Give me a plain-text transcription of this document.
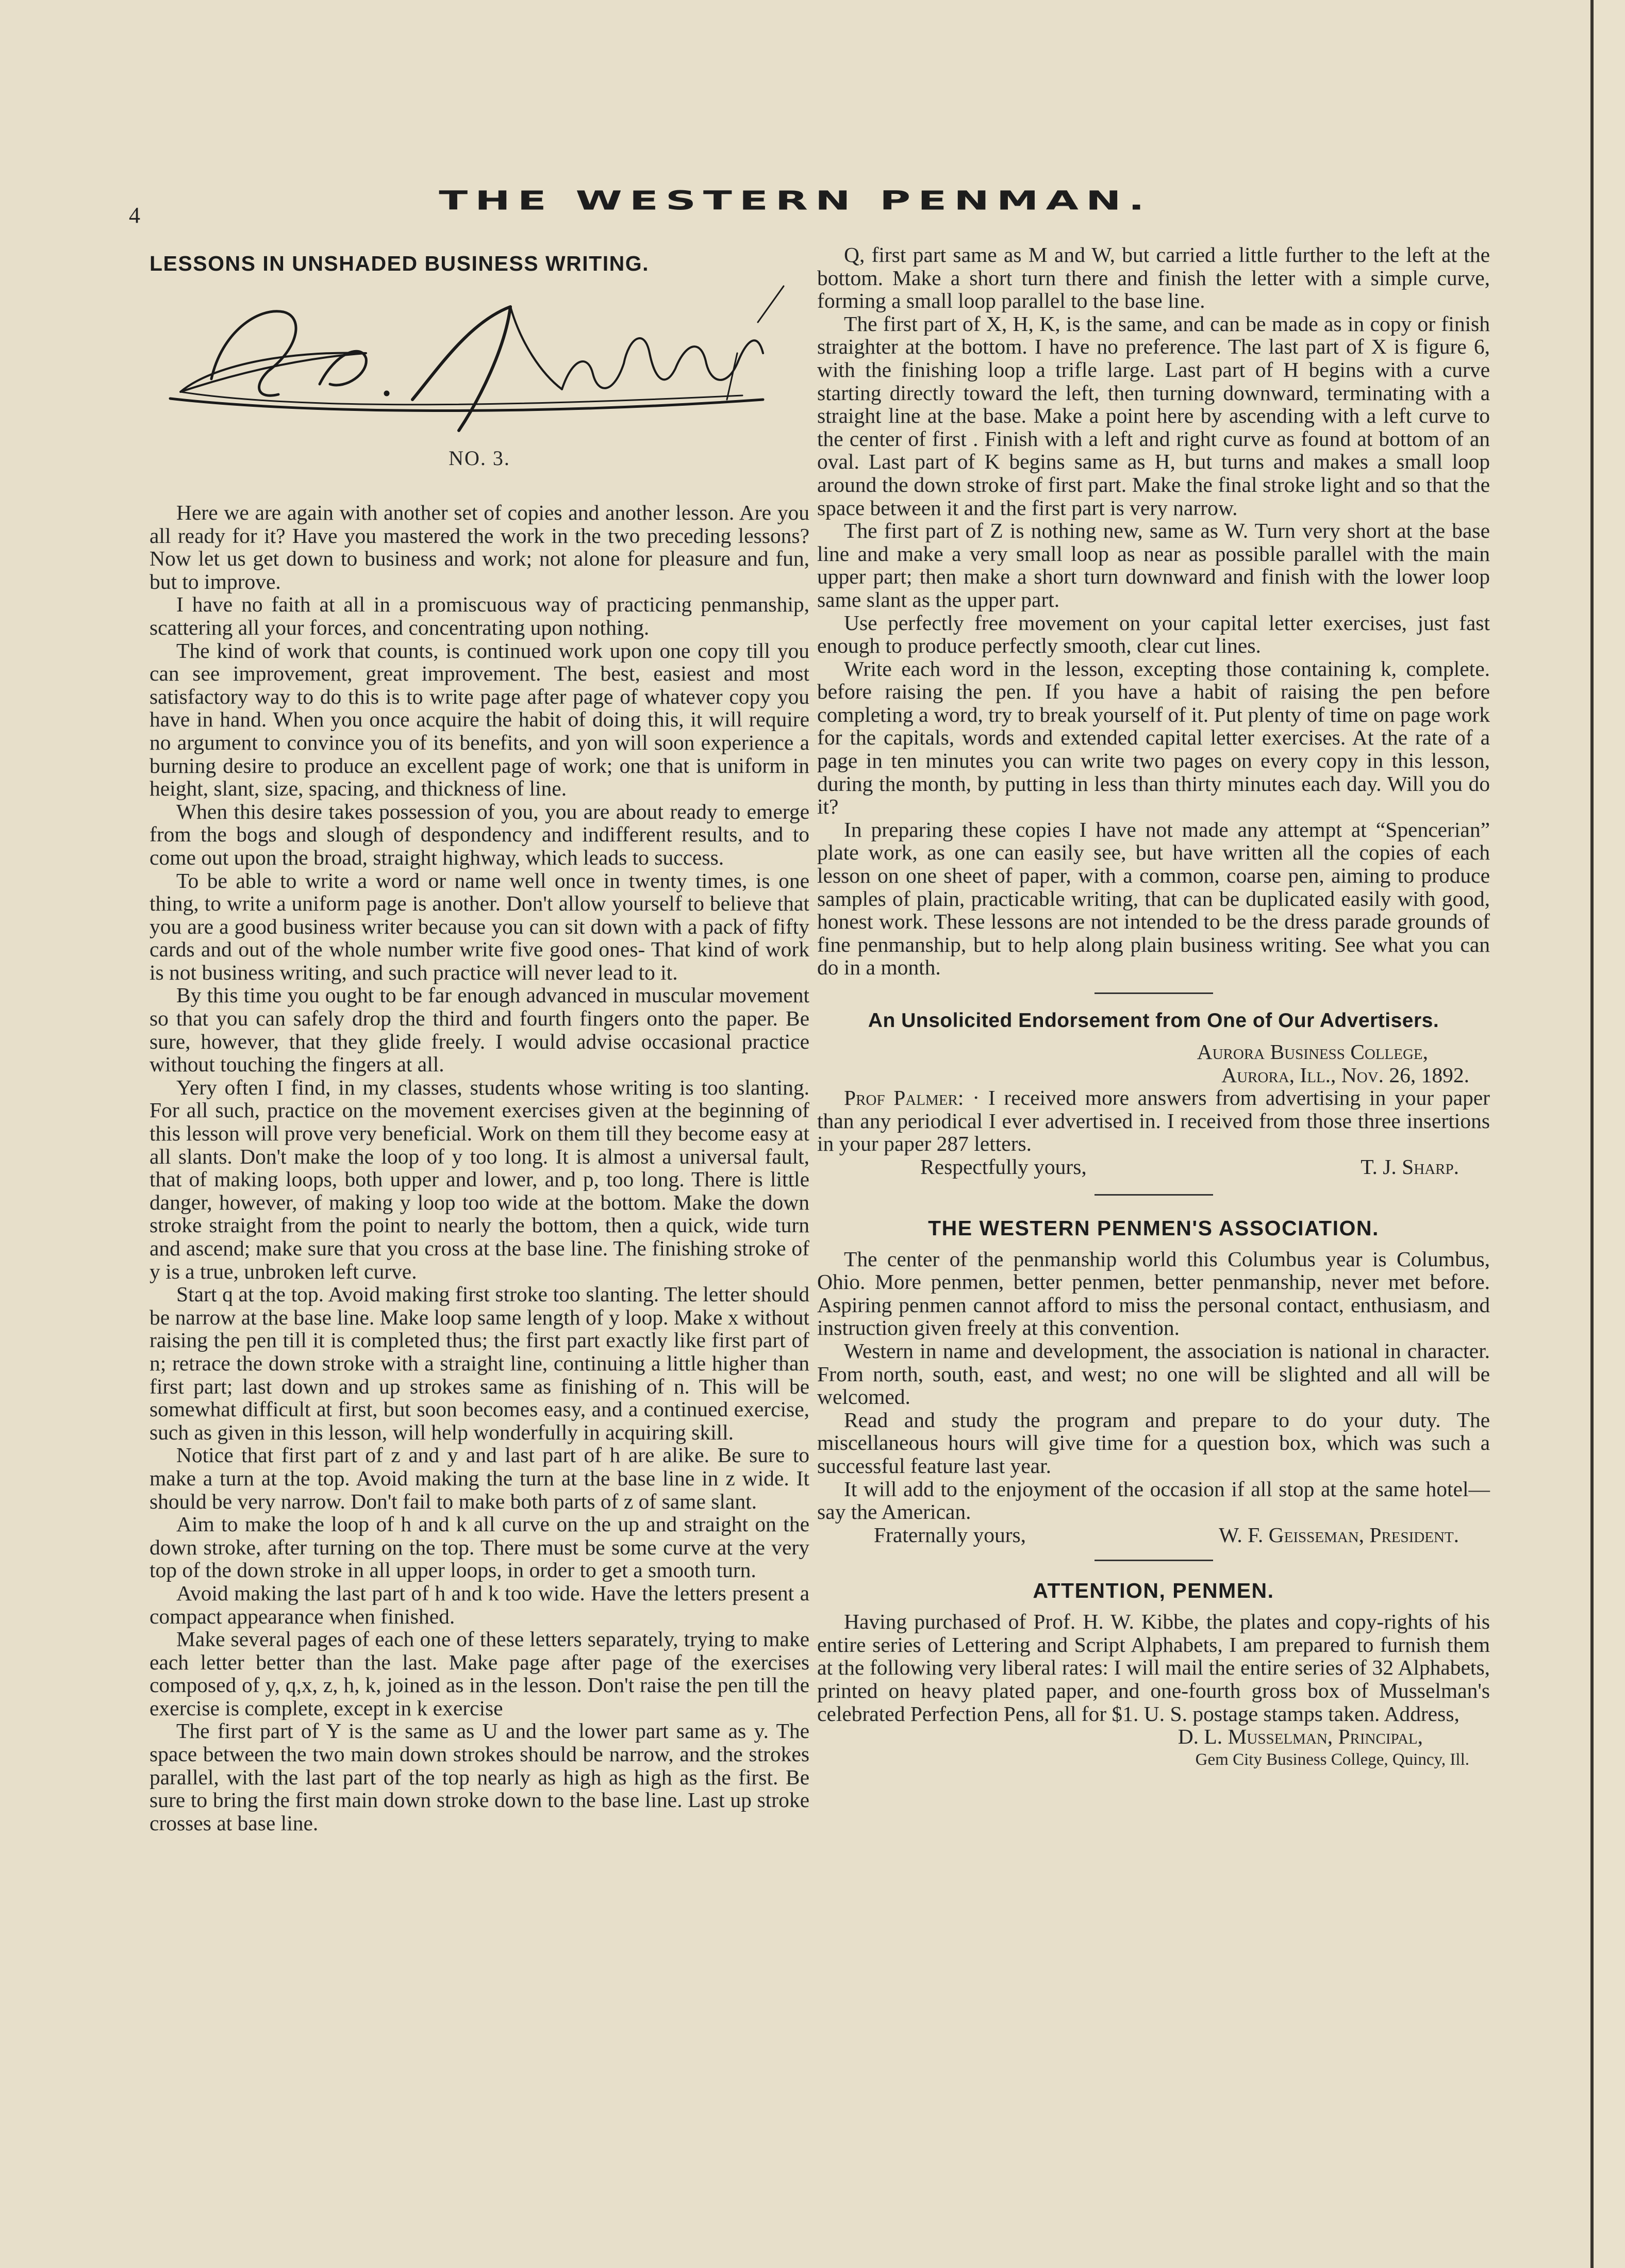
4	THE WESTERN PENMAN.

LESSONS IN UNSHADED BUSINESS WRITING.

NO. 3.

Here we are again with another set of copies and another lesson. Are you all ready for it? Have you mastered the work in the two preceding lessons? Now let us get down to business and work; not alone for pleasure and fun, but to improve.

I have no faith at all in a promiscuous way of practicing penmanship, scattering all your forces, and concentrating upon nothing.

The kind of work that counts, is continued work upon one copy till you can see improvement, great improvement. The best, easiest and most satisfactory way to do this is to write page after page of whatever copy you have in hand. When you once acquire the habit of doing this, it will require no argument to convince you of its benefits, and yon will soon experience a burning desire to produce an excellent page of work; one that is uniform in height, slant, size, spacing, and thickness of line.

When this desire takes possession of you, you are about ready to emerge from the bogs and slough of despondency and indifferent results, and to come out upon the broad, straight highway, which leads to success.

To be able to write a word or name well once in twenty times, is one thing, to write a uniform page is another. Don't allow yourself to believe that you are a good business writer because you can sit down with a pack of fifty cards and out of the whole number write five good ones- That kind of work is not business writing, and such practice will never lead to it.

By this time you ought to be far enough advanced in muscular movement so that you can safely drop the third and fourth fingers onto the paper. Be sure, however, that they glide freely. I would advise occasional practice without touching the fingers at all.

Yery often I find, in my classes, students whose writing is too slanting. For all such, practice on the movement exercises given at the beginning of this lesson will prove very beneficial. Work on them till they become easy at all slants. Don't make the loop of y too long. It is almost a universal fault, that of making loops, both upper and lower, and p, too long. There is little danger, however, of making y loop too wide at the bottom. Make the down stroke straight from the point to nearly the bottom, then a quick, wide turn and ascend; make sure that you cross at the base line. The finishing stroke of y is a true, unbroken left curve.

Start q at the top. Avoid making first stroke too slanting. The letter should be narrow at the base line. Make loop same length of y loop. Make x without raising the pen till it is completed thus; the first part exactly like first part of n; retrace the down stroke with a straight line, continuing a little higher than first part; last down and up strokes same as finishing of n. This will be somewhat difficult at first, but soon becomes easy, and a continued exercise, such as given in this lesson, will help wonderfully in acquiring skill.

Notice that first part of z and y and last part of h are alike. Be sure to make a turn at the top. Avoid making the turn at the base line in z wide. It should be very narrow. Don't fail to make both parts of z of same slant.

Aim to make the loop of h and k all curve on the up and straight on the down stroke, after turning on the top. There must be some curve at the very top of the down stroke in all upper loops, in order to get a smooth turn.

Avoid making the last part of h and k too wide. Have the letters present a compact appearance when finished.

Make several pages of each one of these letters separately, trying to make each letter better than the last. Make page after page of the exercises composed of y, q,x, z, h, k, joined as in the lesson. Don't raise the pen till the exercise is complete, except in k exercise

The first part of Y is the same as U and the lower part same as y. The space between the two main down strokes should be narrow, and the strokes parallel, with the last part of the top nearly as high as high as the first. Be sure to bring the first main down stroke down to the base line. Last up stroke crosses at base line.

Q, first part same as M and W, but carried a little further to the left at the bottom. Make a short turn there and finish the letter with a simple curve, forming a small loop parallel to the base line.

The first part of X, H, K, is the same, and can be made as in copy or finish straighter at the bottom. I have no preference. The last part of X is figure 6, with the finishing loop a trifle large. Last part of H begins with a curve starting directly toward the left, then turning downward, terminating with a straight line at the base. Make a point here by ascending with a left curve to the center of first . Finish with a left and right curve as found at bottom of an oval. Last part of K begins same as H, but turns and makes a small loop around the down stroke of first part. Make the final stroke light and so that the space between it and the first part is very narrow.

The first part of Z is nothing new, same as W. Turn very short at the base line and make a very small loop as near as possible parallel with the main upper part; then make a short turn downward and finish with the lower loop same slant as the upper part.

Use perfectly free movement on your capital letter exercises, just fast enough to produce perfectly smooth, clear cut lines.

Write each word in the lesson, excepting those containing k, complete. before raising the pen. If you have a habit of raising the pen before completing a word, try to break yourself of it. Put plenty of time on page work for the capitals, words and extended capital letter exercises. At the rate of a page in ten minutes you can write two pages on every copy in this lesson, during the month, by putting in less than thirty minutes each day. Will you do it?

In preparing these copies I have not made any attempt at “Spencerian” plate work, as one can easily see, but have written all the copies of each lesson on one sheet of paper, with a common, coarse pen, aiming to produce samples of plain, practicable writing, that can be duplicated easily with good, honest work. These lessons are not intended to be the dress parade grounds of fine penmanship, but to help along plain business writing. See what you can do in a month.

An Unsolicited Endorsement from One of Our Advertisers.

Aurora Business College,

Aurora, Ill., Nov. 26, 1892.

Prof Palmer: · I received more answers from advertising in your paper than any periodical I ever advertised in. I received from those three insertions in your paper 287 letters.

Respectfully yours,	T. J. Sharp.

THE WESTERN PENMEN'S ASSOCIATION.

The center of the penmanship world this Columbus year is Columbus, Ohio. More penmen, better penmen, better penmanship, never met before. Aspiring penmen cannot afford to miss the personal contact, enthusiasm, and instruction given freely at this convention.

Western in name and development, the association is national in character. From north, south, east, and west; no one will be slighted and all will be welcomed.

Read and study the program and prepare to do your duty. The miscellaneous hours will give time for a question box, which was such a successful feature last year.

It will add to the enjoyment of the occasion if all stop at the same hotel—say the American.

Fraternally yours,	W. F. Geisseman, President.

ATTENTION, PENMEN.

Having purchased of Prof. H. W. Kibbe, the plates and copy-rights of his entire series of Lettering and Script Alphabets, I am prepared to furnish them at the following very liberal rates: I will mail the entire series of 32 Alphabets, printed on heavy plated paper, and one-fourth gross box of Musselman's celebrated Perfection Pens, all for $1. U. S. postage stamps taken. Address,

D. L. Musselman, Principal,

Gem City Business College, Quincy, Ill.
